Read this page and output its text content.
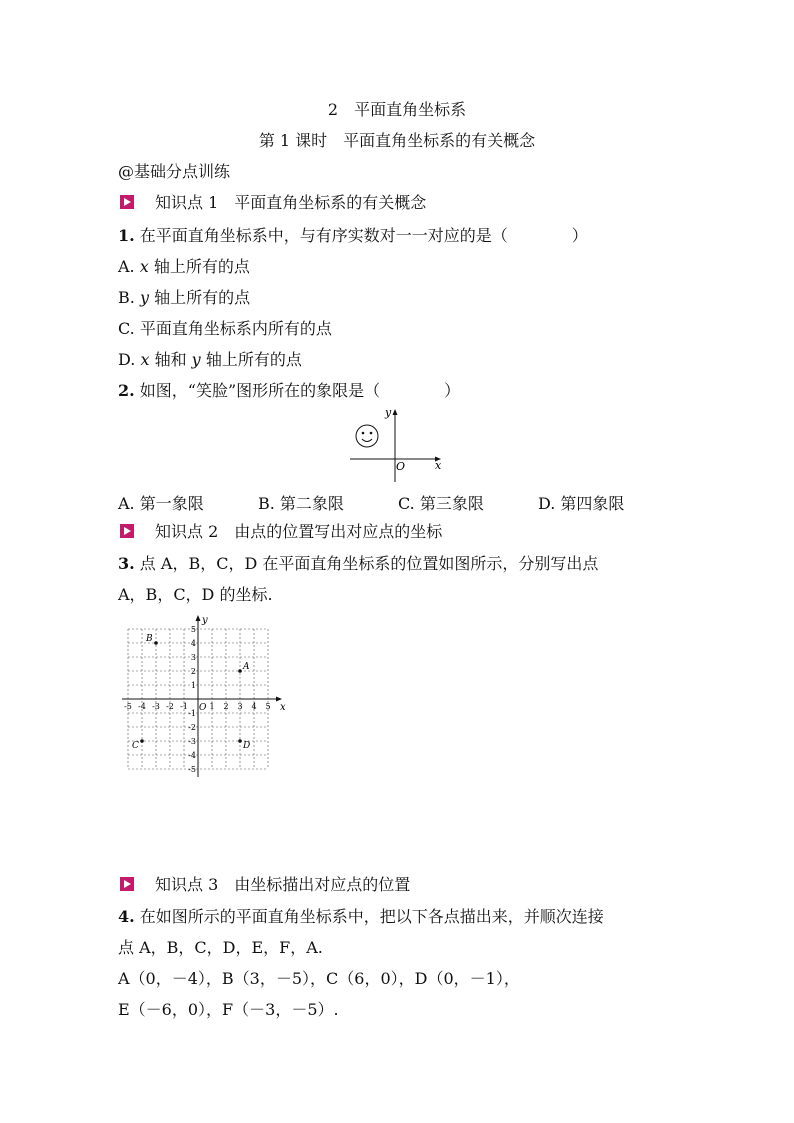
2　平面直角坐标系
第 1 课时　平面直角坐标系的有关概念
@基础分点训练
知识点 1　平面直角坐标系的有关概念
1. 在平面直角坐标系中，与有序实数对一一对应的是（　　　　）
A. x 轴上所有的点
B. y 轴上所有的点
C. 平面直角坐标系内所有的点
D. x 轴和 y 轴上所有的点
2. 如图，“笑脸”图形所在的象限是（　　　　）
y
x
O
A. 第一象限	B. 第二象限	C. 第三象限	D. 第四象限
知识点 2　由点的位置写出对应点的坐标
3. 点 A，B，C，D 在平面直角坐标系的位置如图所示，分别写出点
A，B，C，D 的坐标.
x
y
O
-5 -4 -3 -2 -1	1 2 3 4 5
5
4
3
2
1
-1
-2
-3
-4
-5
A
B
C	D
知识点 3　由坐标描出对应点的位置
4. 在如图所示的平面直角坐标系中，把以下各点描出来，并顺次连接
点 A，B，C，D，E，F，A.
A（0，－4），B（3，－5），C（6，0），D（0，－1），
E（－6，0），F（－3，－5）.
